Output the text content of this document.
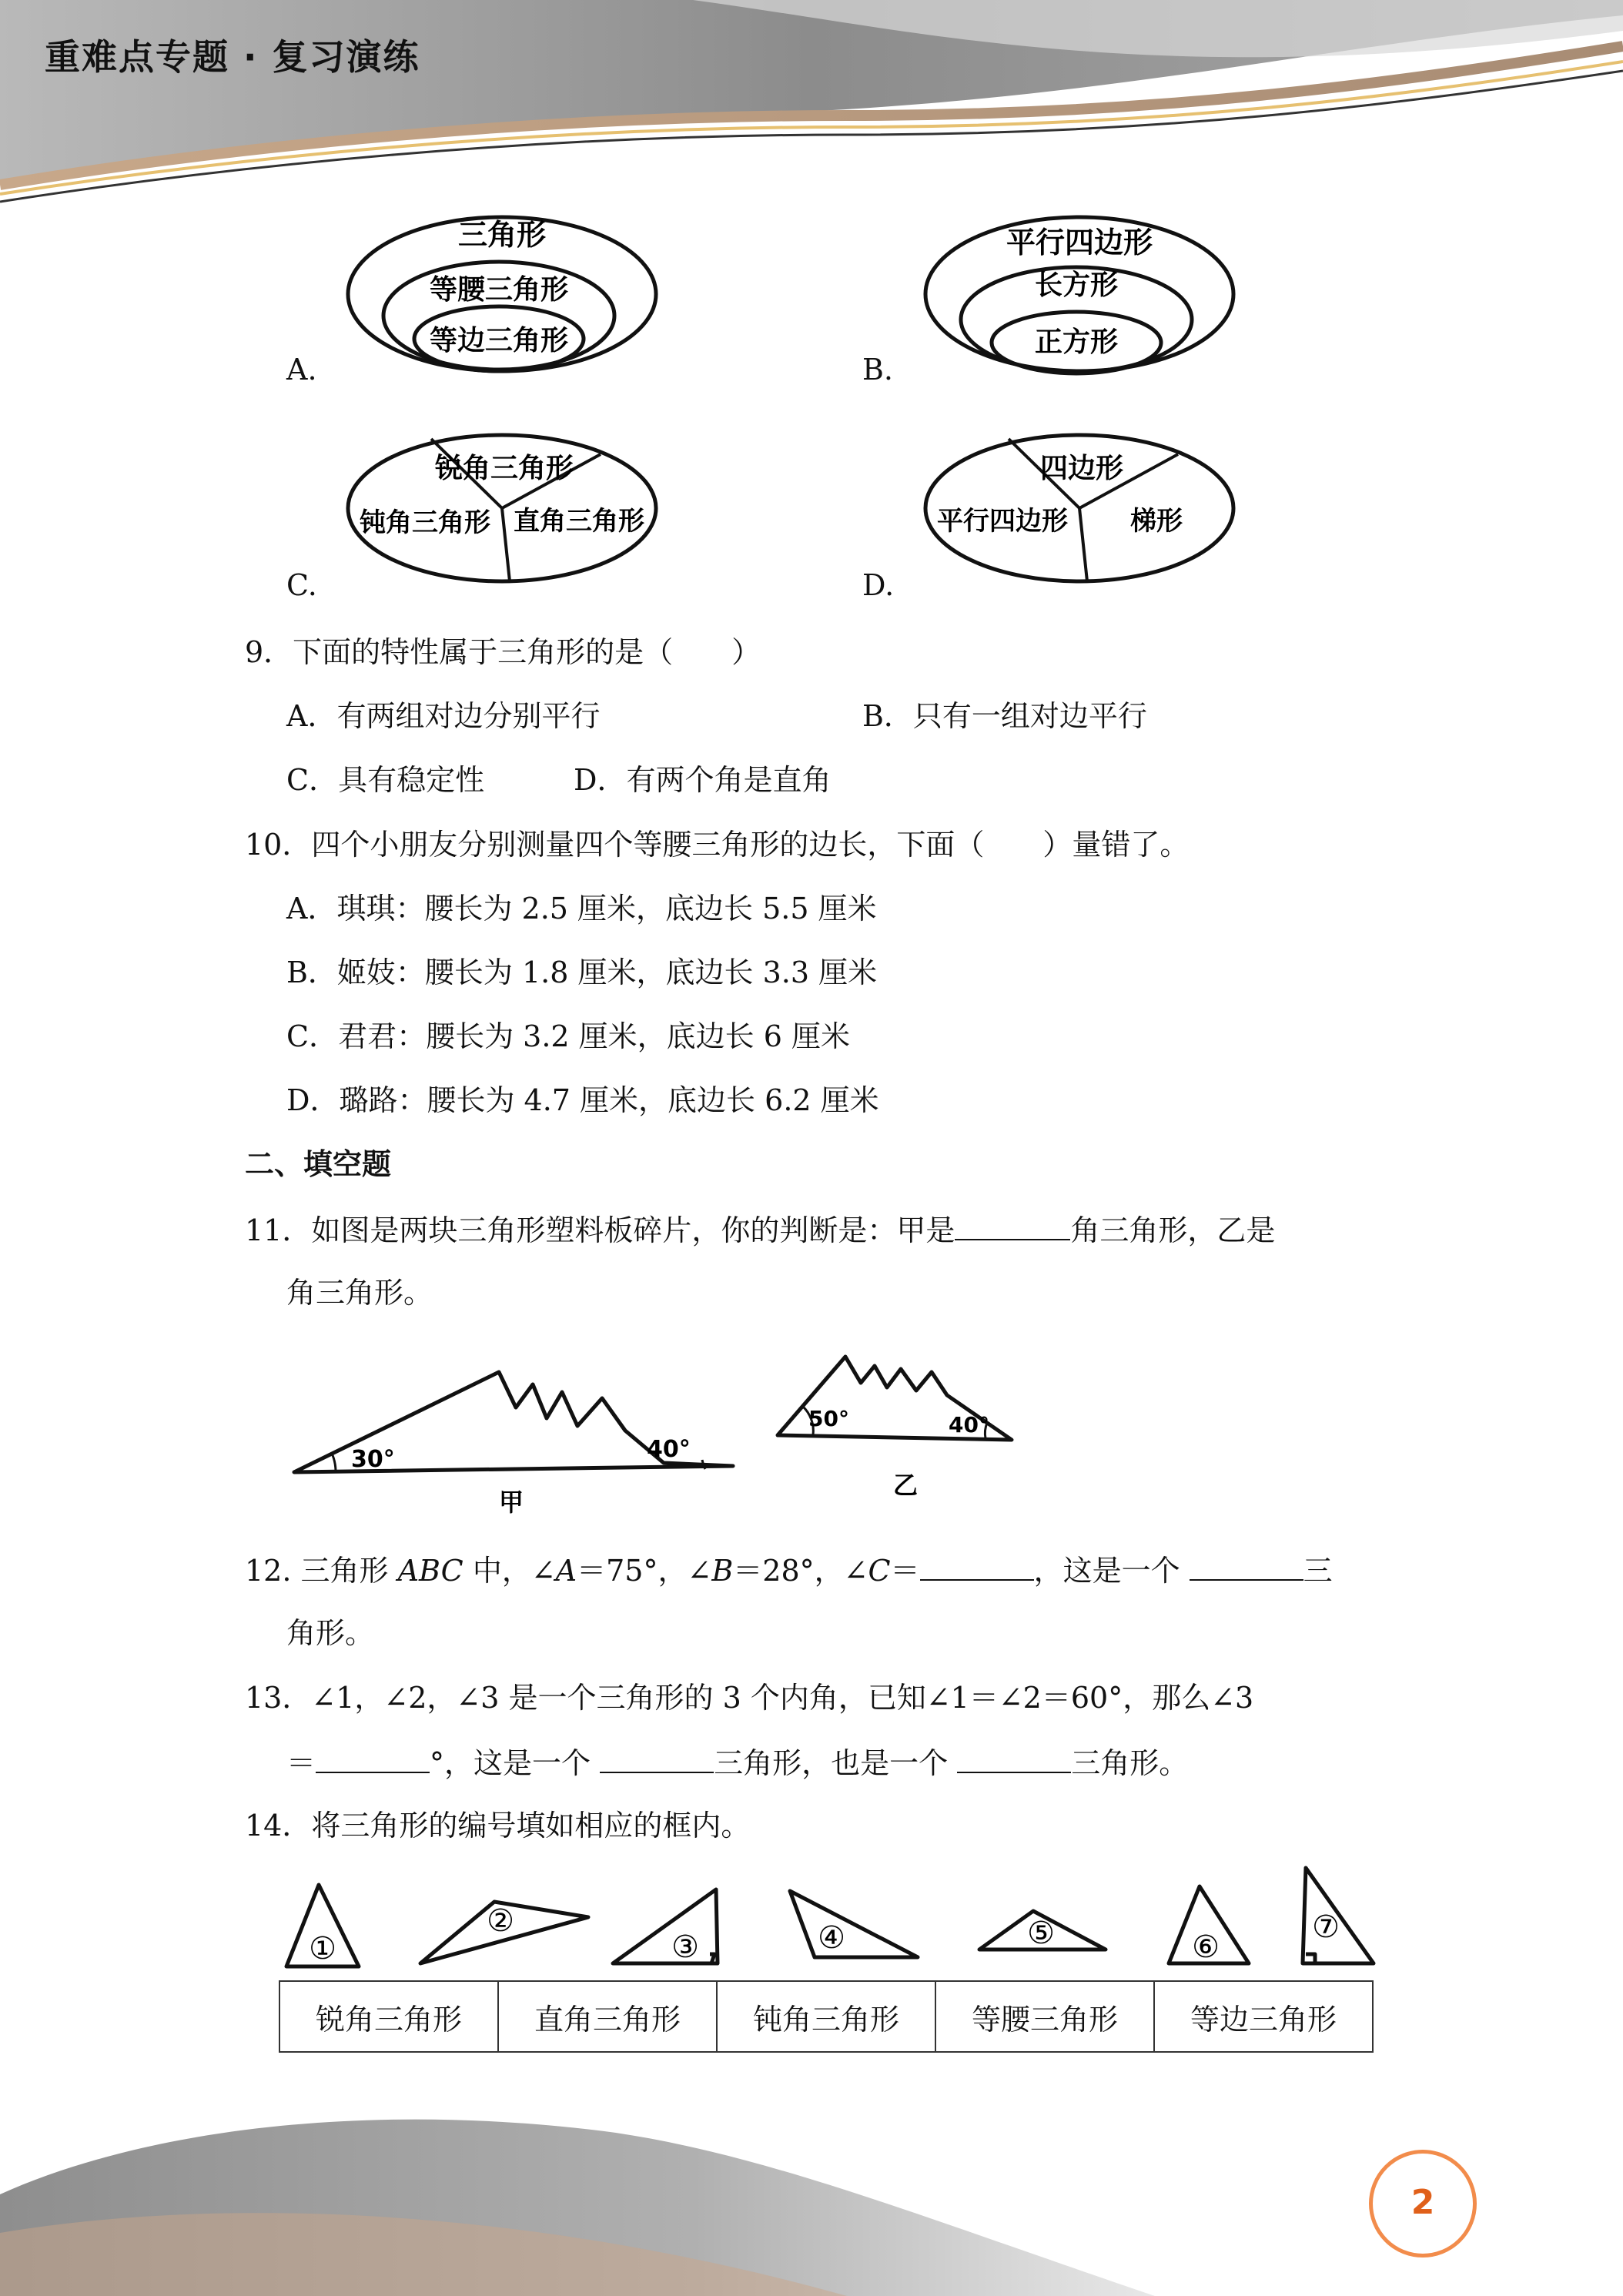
重难点专题 · 复习演练
三角形
等腰三角形
等边三角形
A.
平行四边形
长方形
正方形
B.
锐角三角形
钝角三角形 直角三角形
C.
四边形
平行四边形 梯形
D.
9．下面的特性属于三角形的是（　　）
A．有两组对边分别平行	B．只有一组对边平行
C．具有稳定性	D．有两个角是直角
10．四个小朋友分别测量四个等腰三角形的边长，下面（　　）量错了。
A．琪琪：腰长为 2.5 厘米，底边长 5.5 厘米
B．姬妓：腰长为 1.8 厘米，底边长 3.3 厘米
C．君君：腰长为 3.2 厘米，底边长 6 厘米
D．璐路：腰长为 4.7 厘米，底边长 6.2 厘米
二、填空题
11．如图是两块三角形塑料板碎片，你的判断是：甲是	角三角形，乙是
角三角形。
30°	40°
甲
50°	40°
乙
12. 三角形 ABC 中，∠A＝75°，∠B＝28°，∠C＝	，这是一个	三
角形。
13．∠1，∠2，∠3 是一个三角形的 3 个内角，已知∠1＝∠2＝60°，那么∠3
＝	°，这是一个	三角形，也是一个	三角形。
14．将三角形的编号填如相应的框内。
①
②
③	④	⑤	⑥
⑦
锐角三角形	直角三角形	钝角三角形	等腰三角形	等边三角形
2
